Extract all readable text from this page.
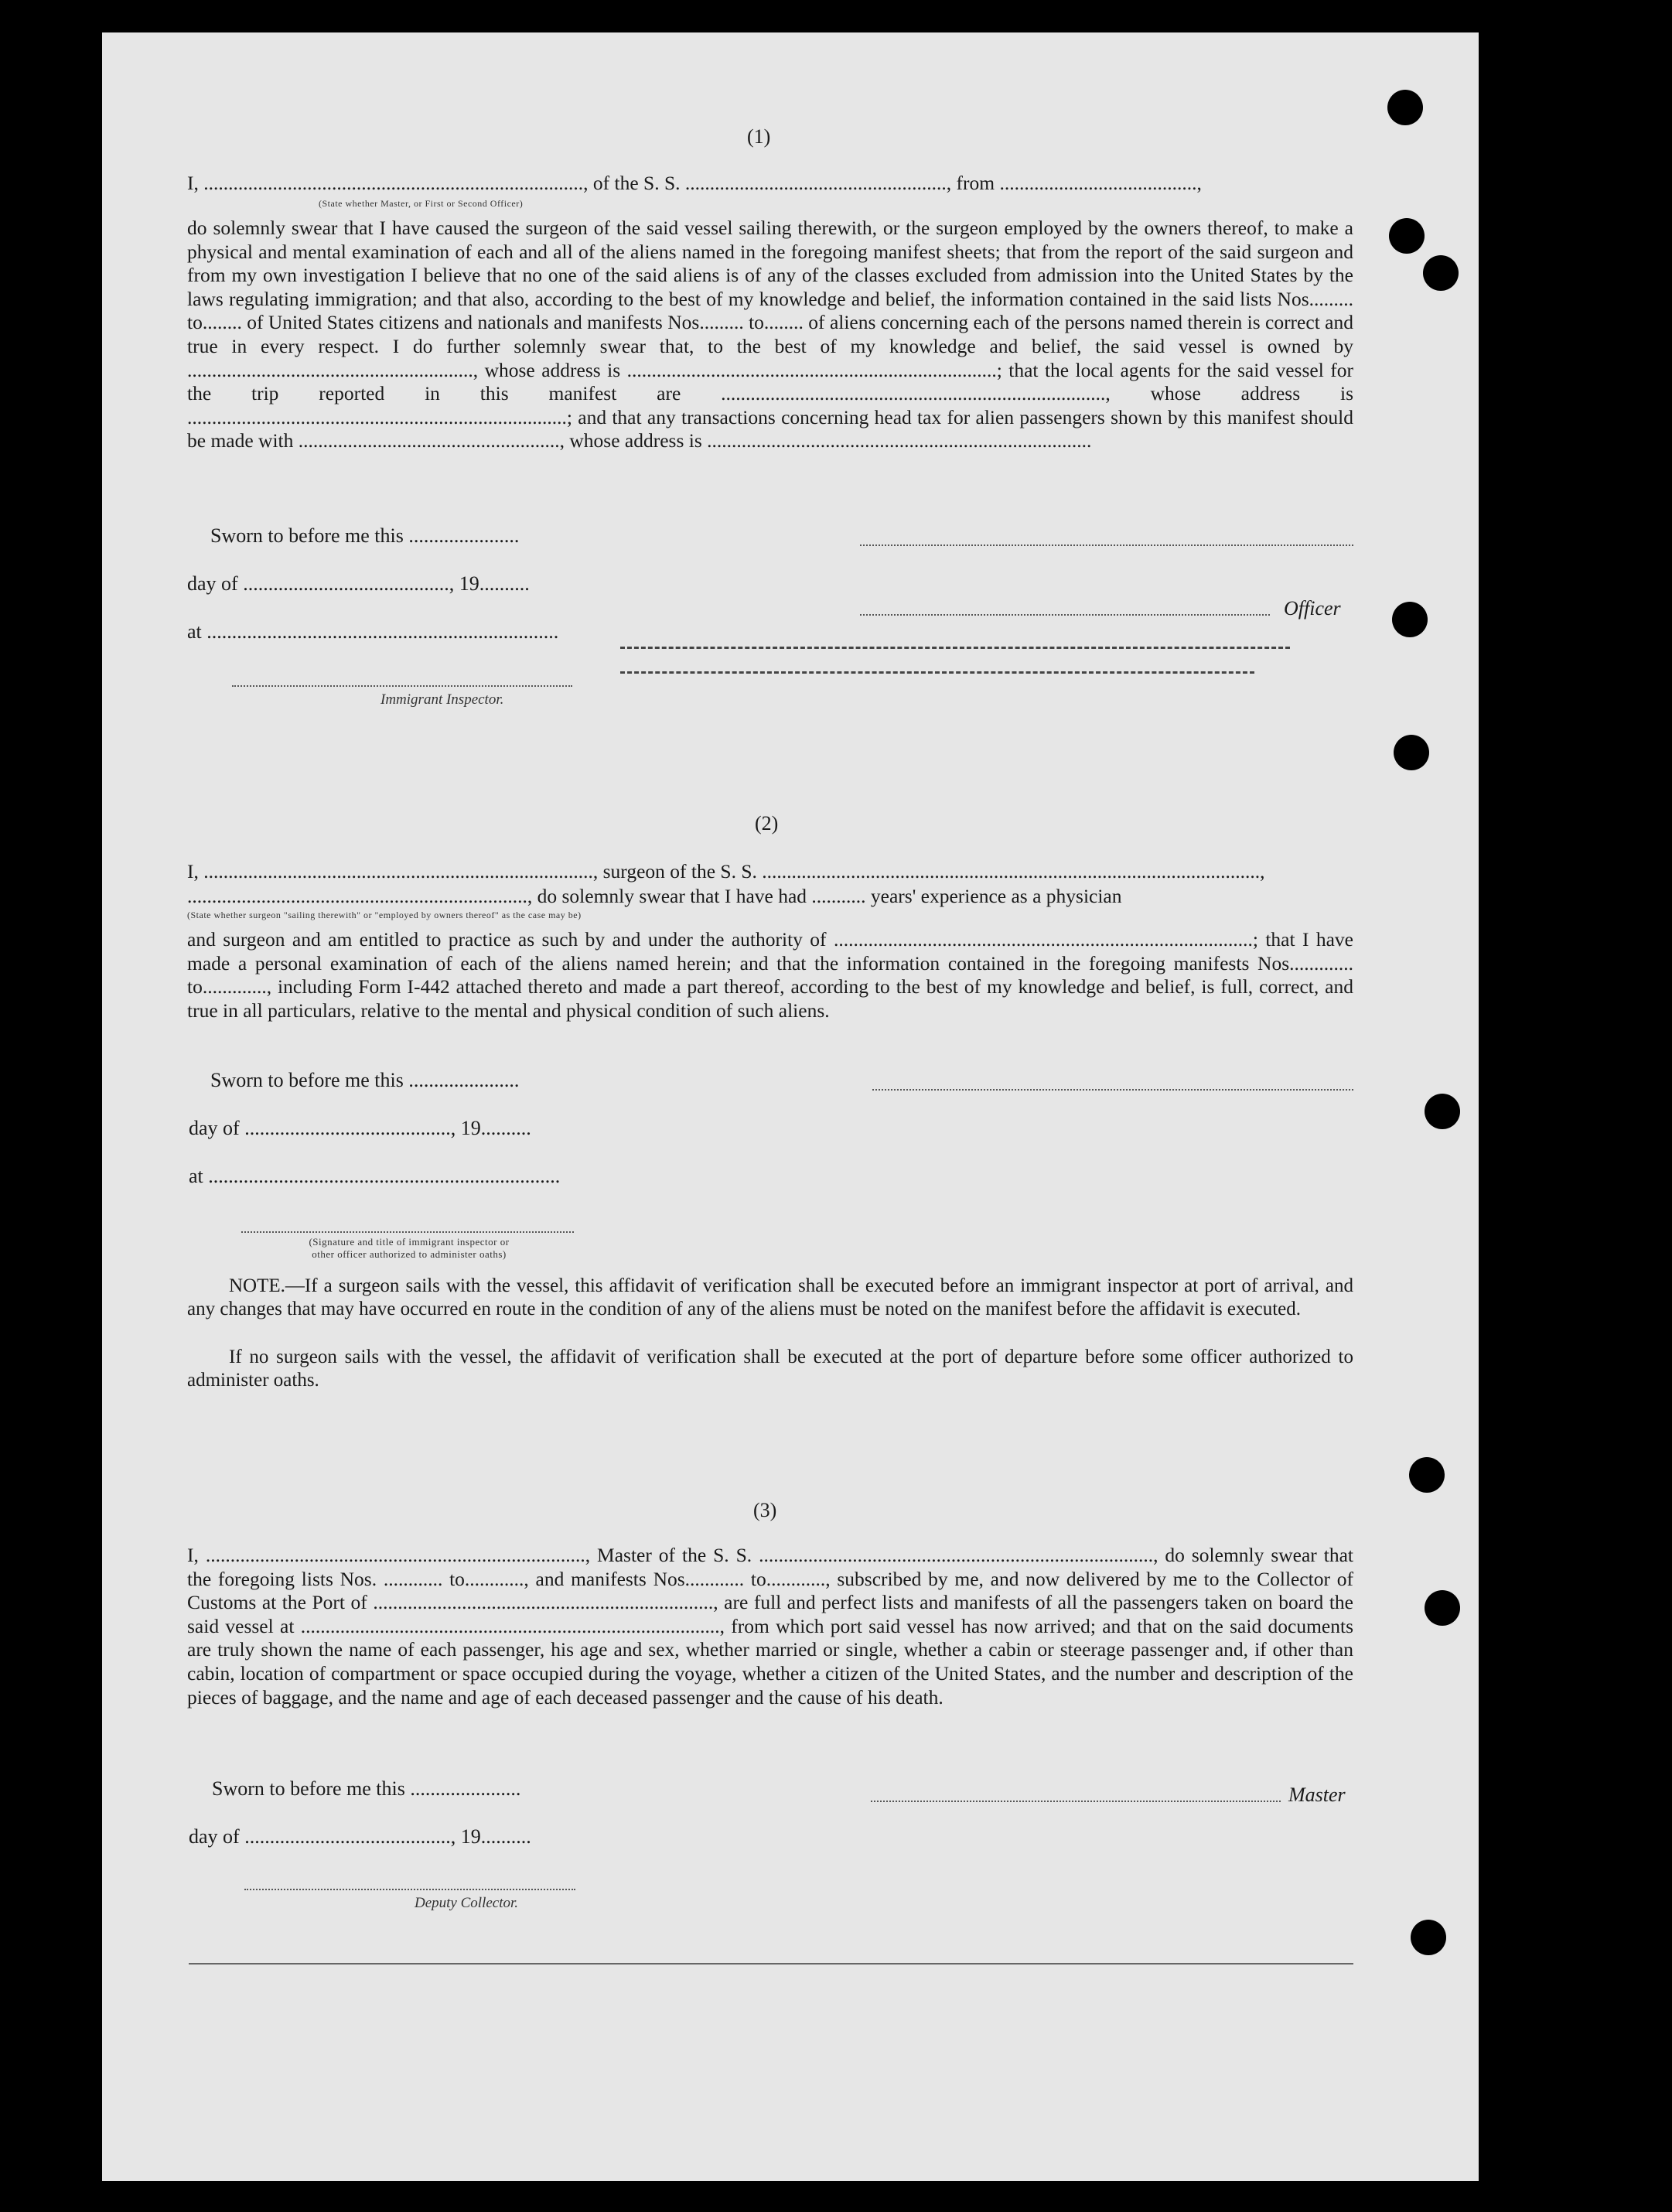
(1)
I, ............................................................................., of the S. S. ....................................................., from ........................................,
(State whether Master, or First or Second Officer)
do solemnly swear that I have caused the surgeon of the said vessel sailing therewith, or the surgeon employed by the owners thereof, to make a physical and mental examination of each and all of the aliens named in the foregoing manifest sheets; that from the report of the said surgeon and from my own investigation I believe that no one of the said aliens is of any of the classes excluded from admission into the United States by the laws regulating immigration; and that also, according to the best of my knowledge and belief, the information contained in the said lists Nos......... to........ of United States citizens and nationals and manifests Nos......... to........ of aliens concerning each of the persons named therein is correct and true in every respect. I do further solemnly swear that, to the best of my knowledge and belief, the said vessel is owned by .........................................................., whose address is ...........................................................................; that the local agents for the said vessel for the trip reported in this manifest are .............................................................................., whose address is .............................................................................; and that any transactions concerning head tax for alien passengers shown by this manifest should be made with ....................................................., whose address is ..............................................................................
Sworn to before me this ......................
day of ........................................., 19..........
Officer
at ......................................................................
Immigrant Inspector.
(2)
I, ..............................................................................., surgeon of the S. S. .....................................................................................................,
....................................................................., do solemnly swear that I have had ........... years' experience as a physician
(State whether surgeon "sailing therewith" or "employed by owners thereof" as the case may be)
and surgeon and am entitled to practice as such by and under the authority of .....................................................................................; that I have made a personal examination of each of the aliens named herein; and that the information contained in the foregoing manifests Nos............. to............., including Form I-442 attached thereto and made a part thereof, according to the best of my knowledge and belief, is full, correct, and true in all particulars, relative to the mental and physical condition of such aliens.
Sworn to before me this ......................
day of ........................................., 19..........
at ......................................................................
(Signature and title of immigrant inspector or
other officer authorized to administer oaths)
NOTE.—If a surgeon sails with the vessel, this affidavit of verification shall be executed before an immigrant inspector at port of arrival, and any changes that may have occurred en route in the condition of any of the aliens must be noted on the manifest before the affidavit is executed.
If no surgeon sails with the vessel, the affidavit of verification shall be executed at the port of departure before some officer authorized to administer oaths.
(3)
I, ............................................................................., Master of the S. S. ................................................................................, do solemnly swear that the foregoing lists Nos. ............ to............, and manifests Nos............ to............, subscribed by me, and now delivered by me to the Collector of Customs at the Port of ....................................................................., are full and perfect lists and manifests of all the passengers taken on board the said vessel at ....................................................................................., from which port said vessel has now arrived; and that on the said documents are truly shown the name of each passenger, his age and sex, whether married or single, whether a cabin or steerage passenger and, if other than cabin, location of compartment or space occupied during the voyage, whether a citizen of the United States, and the number and description of the pieces of baggage, and the name and age of each deceased passenger and the cause of his death.
Sworn to before me this ......................	Master
day of ........................................., 19..........
Deputy Collector.
